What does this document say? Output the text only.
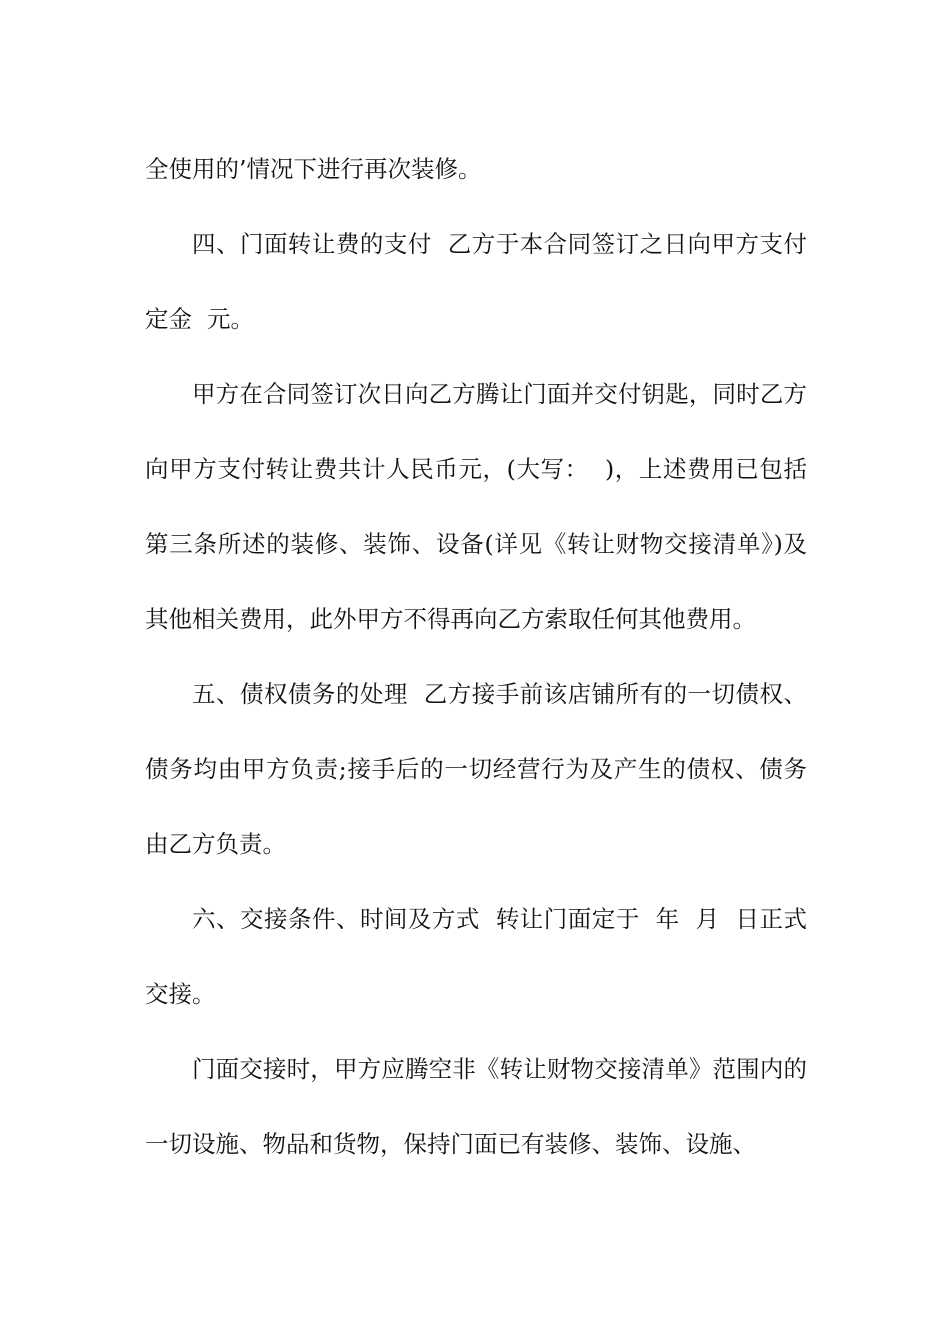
全使用的’情况下进行再次装修。

四、门面转让费的支付  乙方于本合同签订之日向甲方支付定金  元。

甲方在合同签订次日向乙方腾让门面并交付钥匙，同时乙方向甲方支付转让费共计人民币元，(大写：  )，上述费用已包括第三条所述的装修、装饰、设备(详见《转让财物交接清单》)及其他相关费用，此外甲方不得再向乙方索取任何其他费用。

五、债权债务的处理  乙方接手前该店铺所有的一切债权、债务均由甲方负责;接手后的一切经营行为及产生的债权、债务由乙方负责。

六、交接条件、时间及方式  转让门面定于  年  月  日正式交接。

门面交接时，甲方应腾空非《转让财物交接清单》范围内的一切设施、物品和货物，保持门面已有装修、装饰、设施、
